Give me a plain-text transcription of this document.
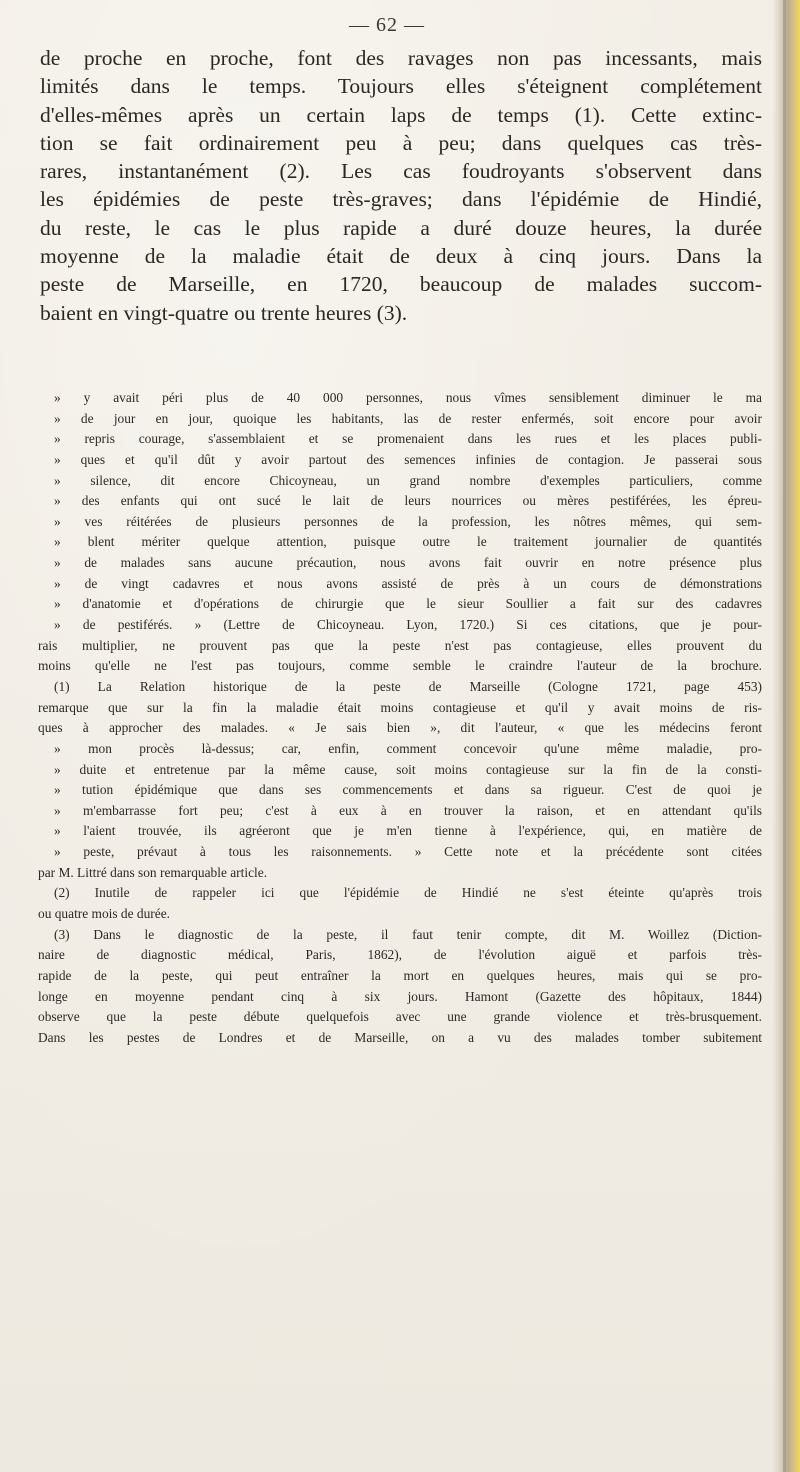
— 62 —
de proche en proche, font des ravages non pas incessants, mais
limités dans le temps. Toujours elles s'éteignent complétement
d'elles-mêmes après un certain laps de temps (1). Cette extinc-
tion se fait ordinairement peu à peu; dans quelques cas très-
rares, instantanément (2). Les cas foudroyants s'observent dans
les épidémies de peste très-graves; dans l'épidémie de Hindié,
du reste, le cas le plus rapide a duré douze heures, la durée
moyenne de la maladie était de deux à cinq jours. Dans la
peste de Marseille, en 1720, beaucoup de malades succom-
baient en vingt-quatre ou trente heures (3).
» y avait péri plus de 40 000 personnes, nous vîmes sensiblement diminuer le ma
» de jour en jour, quoique les habitants, las de rester enfermés, soit encore pour avoir
» repris courage, s'assemblaient et se promenaient dans les rues et les places publi-
» ques et qu'il dût y avoir partout des semences infinies de contagion. Je passerai sous
» silence, dit encore Chicoyneau, un grand nombre d'exemples particuliers, comme
» des enfants qui ont sucé le lait de leurs nourrices ou mères pestiférées, les épreu-
» ves réitérées de plusieurs personnes de la profession, les nôtres mêmes, qui sem-
» blent mériter quelque attention, puisque outre le traitement journalier de quantités
» de malades sans aucune précaution, nous avons fait ouvrir en notre présence plus
» de vingt cadavres et nous avons assisté de près à un cours de démonstrations
» d'anatomie et d'opérations de chirurgie que le sieur Soullier a fait sur des cadavres
» de pestiférés. » (Lettre de Chicoyneau. Lyon, 1720.) Si ces citations, que je pour-
rais multiplier, ne prouvent pas que la peste n'est pas contagieuse, elles prouvent du
moins qu'elle ne l'est pas toujours, comme semble le craindre l'auteur de la brochure.
(1) La Relation historique de la peste de Marseille (Cologne 1721, page 453)
remarque que sur la fin la maladie était moins contagieuse et qu'il y avait moins de ris-
ques à approcher des malades. « Je sais bien », dit l'auteur, « que les médecins feront
» mon procès là-dessus; car, enfin, comment concevoir qu'une même maladie, pro-
» duite et entretenue par la même cause, soit moins contagieuse sur la fin de la consti-
» tution épidémique que dans ses commencements et dans sa rigueur. C'est de quoi je
» m'embarrasse fort peu; c'est à eux à en trouver la raison, et en attendant qu'ils
» l'aient trouvée, ils agréeront que je m'en tienne à l'expérience, qui, en matière de
» peste, prévaut à tous les raisonnements. » Cette note et la précédente sont citées
par M. Littré dans son remarquable article.
(2) Inutile de rappeler ici que l'épidémie de Hindié ne s'est éteinte qu'après trois
ou quatre mois de durée.
(3) Dans le diagnostic de la peste, il faut tenir compte, dit M. Woillez (Diction-
naire de diagnostic médical, Paris, 1862), de l'évolution aiguë et parfois très-
rapide de la peste, qui peut entraîner la mort en quelques heures, mais qui se pro-
longe en moyenne pendant cinq à six jours. Hamont (Gazette des hôpitaux, 1844)
observe que la peste débute quelquefois avec une grande violence et très-brusquement.
Dans les pestes de Londres et de Marseille, on a vu des malades tomber subitement
